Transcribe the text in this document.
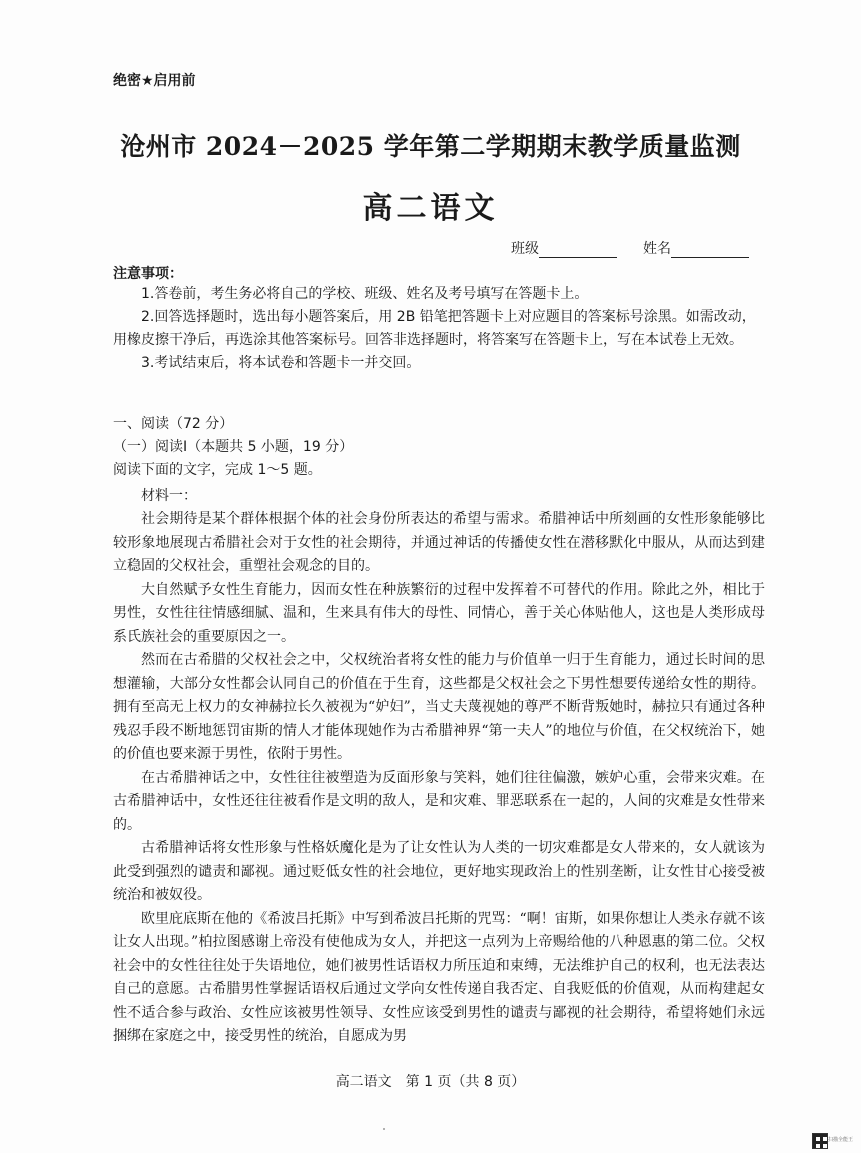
绝密★启用前
沧州市 2024－2025 学年第二学期期末教学质量监测
高二语文
班级	姓名
注意事项：

1.答卷前，考生务必将自己的学校、班级、姓名及考号填写在答题卡上。

2.回答选择题时，选出每小题答案后，用 2B 铅笔把答题卡上对应题目的答案标号涂黑。如需改动，用橡皮擦干净后，再选涂其他答案标号。回答非选择题时，将答案写在答题卡上，写在本试卷上无效。

3.考试结束后，将本试卷和答题卡一并交回。

一、阅读（72 分）
（一）阅读Ⅰ（本题共 5 小题，19 分）
阅读下面的文字，完成 1～5 题。
材料一：

社会期待是某个群体根据个体的社会身份所表达的希望与需求。希腊神话中所刻画的女性形象能够比较形象地展现古希腊社会对于女性的社会期待，并通过神话的传播使女性在潜移默化中服从，从而达到建立稳固的父权社会，重塑社会观念的目的。

大自然赋予女性生育能力，因而女性在种族繁衍的过程中发挥着不可替代的作用。除此之外，相比于男性，女性往往情感细腻、温和，生来具有伟大的母性、同情心，善于关心体贴他人，这也是人类形成母系氏族社会的重要原因之一。

然而在古希腊的父权社会之中，父权统治者将女性的能力与价值单一归于生育能力，通过长时间的思想灌输，大部分女性都会认同自己的价值在于生育，这些都是父权社会之下男性想要传递给女性的期待。拥有至高无上权力的女神赫拉长久被视为“妒妇”，当丈夫蔑视她的尊严不断背叛她时，赫拉只有通过各种残忍手段不断地惩罚宙斯的情人才能体现她作为古希腊神界“第一夫人”的地位与价值，在父权统治下，她的价值也要来源于男性，依附于男性。

在古希腊神话之中，女性往往被塑造为反面形象与笑料，她们往往偏激，嫉妒心重，会带来灾难。在古希腊神话中，女性还往往被看作是文明的敌人，是和灾难、罪恶联系在一起的，人间的灾难是女性带来的。

古希腊神话将女性形象与性格妖魔化是为了让女性认为人类的一切灾难都是女人带来的，女人就该为此受到强烈的谴责和鄙视。通过贬低女性的社会地位，更好地实现政治上的性别垄断，让女性甘心接受被统治和被奴役。

欧里庇底斯在他的《希波吕托斯》中写到希波吕托斯的咒骂：“啊！宙斯，如果你想让人类永存就不该让女人出现。”柏拉图感谢上帝没有使他成为女人，并把这一点列为上帝赐给他的八种恩惠的第二位。父权社会中的女性往往处于失语地位，她们被男性话语权力所压迫和束缚，无法维护自己的权利，也无法表达自己的意愿。古希腊男性掌握话语权后通过文学向女性传递自我否定、自我贬低的价值观，从而构建起女性不适合参与政治、女性应该被男性领导、女性应该受到男性的谴责与鄙视的社会期待，希望将她们永远捆绑在家庭之中，接受男性的统治，自愿成为男

高二语文　第 1 页（共 8 页）
扫描全能王
